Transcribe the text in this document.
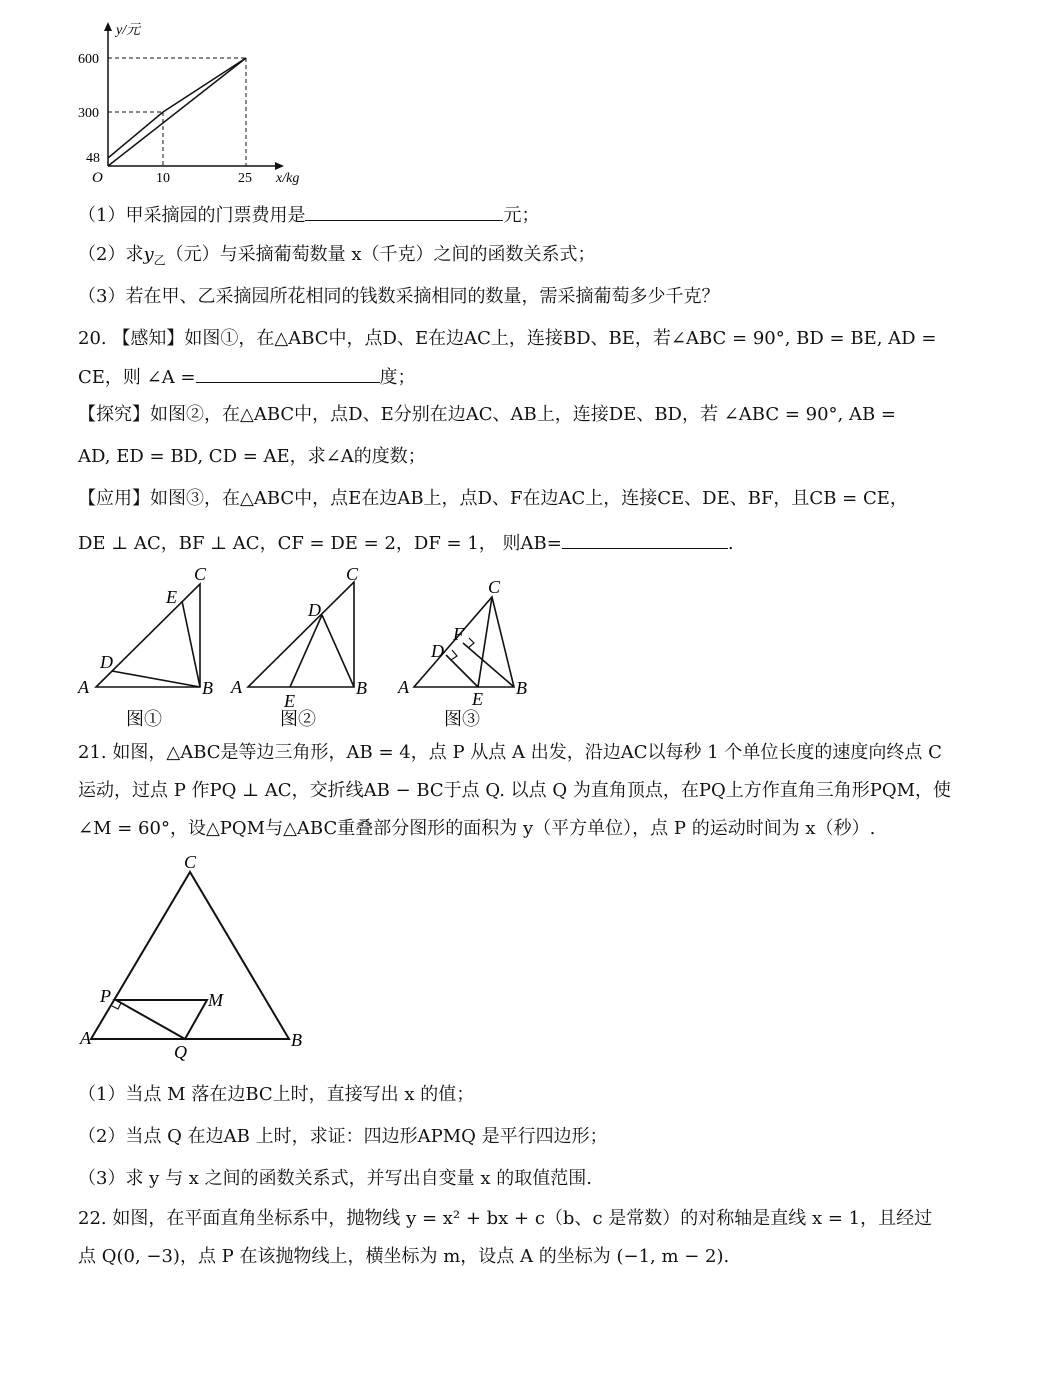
y/元
600
300
48
O	10	25 x/kg
（1）甲采摘园的门票费用是	元；
（2）求$y_乙$（元）与采摘葡萄数量 x（千克）之间的函数关系式；
（3）若在甲、乙采摘园所花相同的钱数采摘相同的数量，需采摘葡萄多少千克？
20. 【感知】如图①，在△ABC中，点D、E在边AC上，连接BD、BE，若∠ABC = 90°, BD = BE, AD =
CE，则 ∠A =	度；
【探究】如图②，在△ABC中，点D、E分别在边AC、AB上，连接DE、BD，若 ∠ABC = 90°, AB =
AD, ED = BD, CD = AE，求∠A的度数；
【应用】如图③，在△ABC中，点E在边AB上，点D、F在边AC上，连接CE、DE、BF，且CB = CE，
DE ⊥ AC，BF ⊥ AC，CF = DE = 2，DF = 1， 则AB=	.
A	B
C
D
E
图①
A	B
C
D
E
图②
A	B
C
D
E
F
图③
21. 如图，△ABC是等边三角形，AB = 4，点 P 从点 A 出发，沿边AC以每秒 1 个单位长度的速度向终点 C
运动，过点 P 作PQ ⊥ AC，交折线AB − BC于点 Q. 以点 Q 为直角顶点，在PQ上方作直角三角形PQM，使
∠M = 60°，设△PQM与△ABC重叠部分图形的面积为 y（平方单位），点 P 的运动时间为 x（秒）.
A	B
C
P
Q
M
（1）当点 M 落在边BC上时，直接写出 x 的值；
（2）当点 Q 在边AB 上时，求证：四边形APMQ 是平行四边形；
（3）求 y 与 x 之间的函数关系式，并写出自变量 x 的取值范围.
22. 如图，在平面直角坐标系中，抛物线 y = x² + bx + c（b、c 是常数）的对称轴是直线 x = 1，且经过
点 Q(0, −3)，点 P 在该抛物线上，横坐标为 m，设点 A 的坐标为 (−1, m − 2).
